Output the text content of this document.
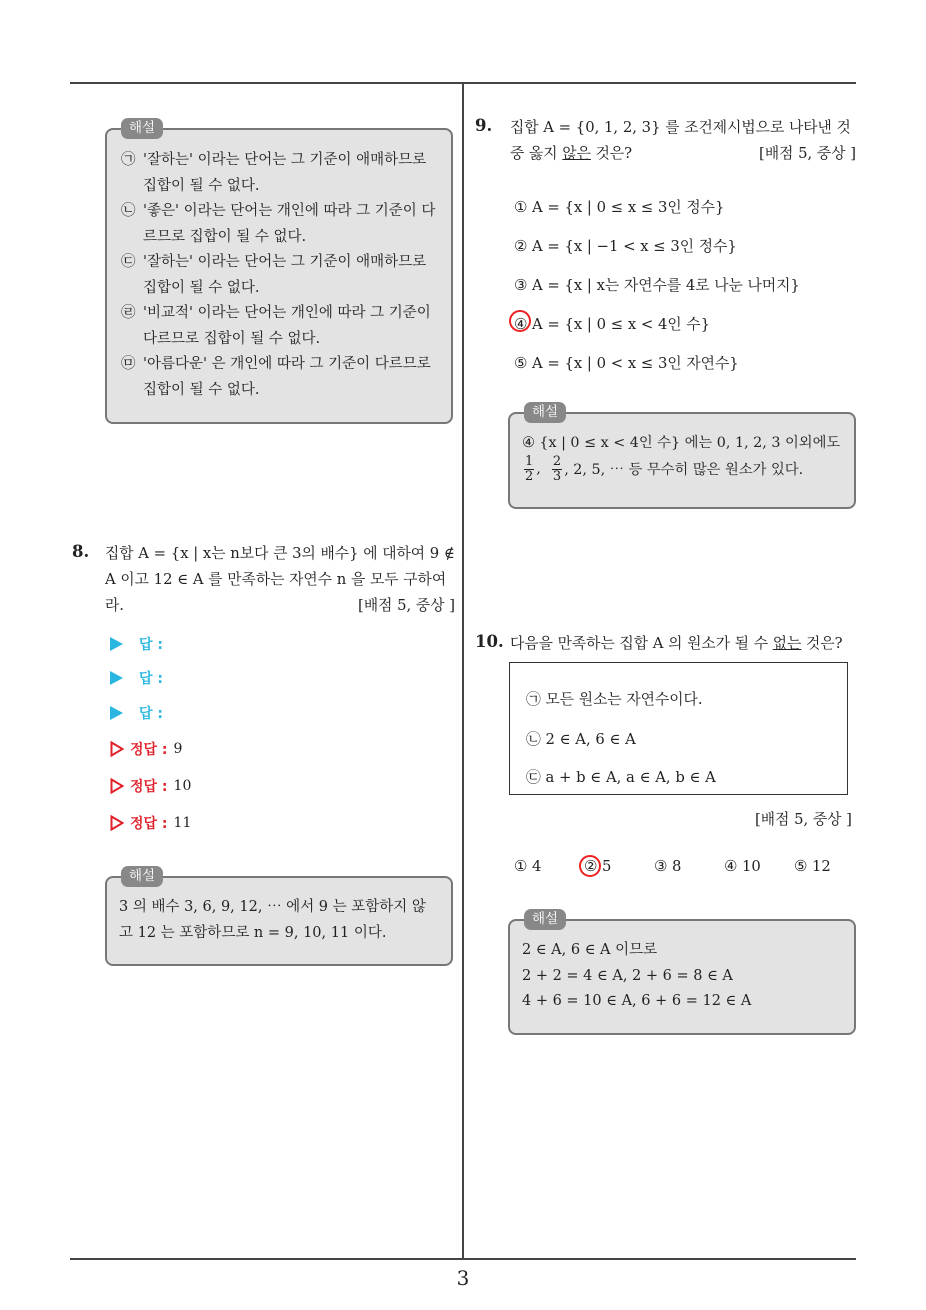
해설
㉠ '잘하는' 이라는 단어는 그 기준이 애매하므로 집합이 될 수 없다.
㉡ '좋은' 이라는 단어는 개인에 따라 그 기준이 다르므로 집합이 될 수 없다.
㉢ '잘하는' 이라는 단어는 그 기준이 애매하므로 집합이 될 수 없다.
㉣ '비교적' 이라는 단어는 개인에 따라 그 기준이 다르므로 집합이 될 수 없다.
㉤ '아름다운' 은 개인에 따라 그 기준이 다르므로 집합이 될 수 없다.
8. 집합 A = {x | x는 n보다 큰 3의 배수} 에 대하여 9 ∉ A 이고 12 ∈ A 를 만족하는 자연수 n 을 모두 구하여라.	[배점 5, 중상 ]
답 :
답 :
답 :
정답 : 9
정답 : 10
정답 : 11
해설
3 의 배수 3, 6, 9, 12, ⋯ 에서 9 는 포함하지 않고 12 는 포함하므로 n = 9, 10, 11 이다.
9. 집합 A = {0, 1, 2, 3} 를 조건제시법으로 나타낸 것 중 옳지 않은 것은?	[배점 5, 중상 ]
① A = {x | 0 ≤ x ≤ 3인 정수}
② A = {x | −1 < x ≤ 3인 정수}
③ A = {x | x는 자연수를 4로 나눈 나머지}
④ A = {x | 0 ≤ x < 4인 수}
⑤ A = {x | 0 < x ≤ 3인 자연수}
해설
④ {x | 0 ≤ x < 4인 수} 에는 0, 1, 2, 3 이외에도
1
2 , 2
3 , 2, 5, ⋯ 등 무수히 많은 원소가 있다.
10. 다음을 만족하는 집합 A 의 원소가 될 수 없는 것은?
㉠ 모든 원소는 자연수이다.
㉡ 2 ∈ A, 6 ∈ A
㉢ a + b ∈ A, a ∈ A, b ∈ A
[배점 5, 중상 ]
① 4	② 5	③ 8	④ 10 ⑤ 12
해설
2 ∈ A, 6 ∈ A 이므로
2 + 2 = 4 ∈ A, 2 + 6 = 8 ∈ A
4 + 6 = 10 ∈ A, 6 + 6 = 12 ∈ A
3
